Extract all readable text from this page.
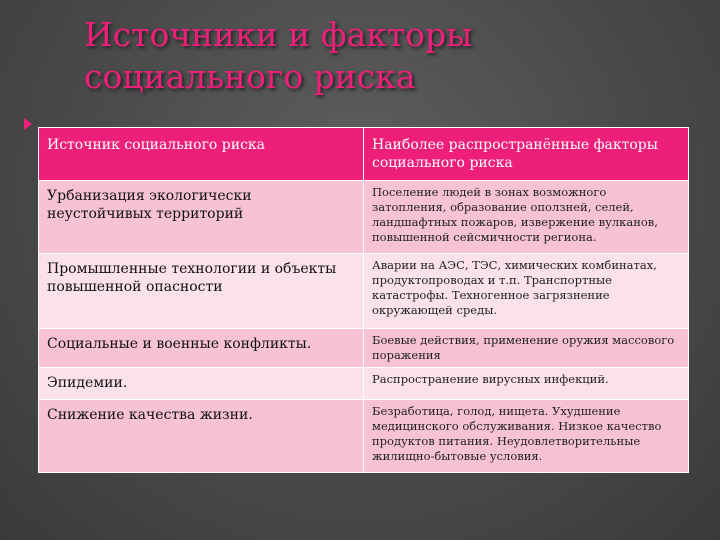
Источники и факторы
социального риска
Источник социального риска	Наиболее распространённые факторы социального риска
Урбанизация экологически неустойчивых территорий	Поселение людей в зонах возможного затопления, образование оползней, селей, ландшафтных пожаров, извержение вулканов, повышенной сейсмичности региона.
Промышленные технологии и объекты повышенной опасности	Аварии на АЭС, ТЭС, химических комбинатах, продуктопроводах и т.п. Транспортные катастрофы. Техногенное загрязнение окружающей среды.
Социальные и военные конфликты.	Боевые действия, применение оружия массового поражения
Эпидемии.	Распространение вирусных инфекций.
Снижение качества жизни.	Безработица, голод, нищета. Ухудшение медицинского обслуживания. Низкое качество продуктов питания. Неудовлетворительные жилищно-бытовые условия.
